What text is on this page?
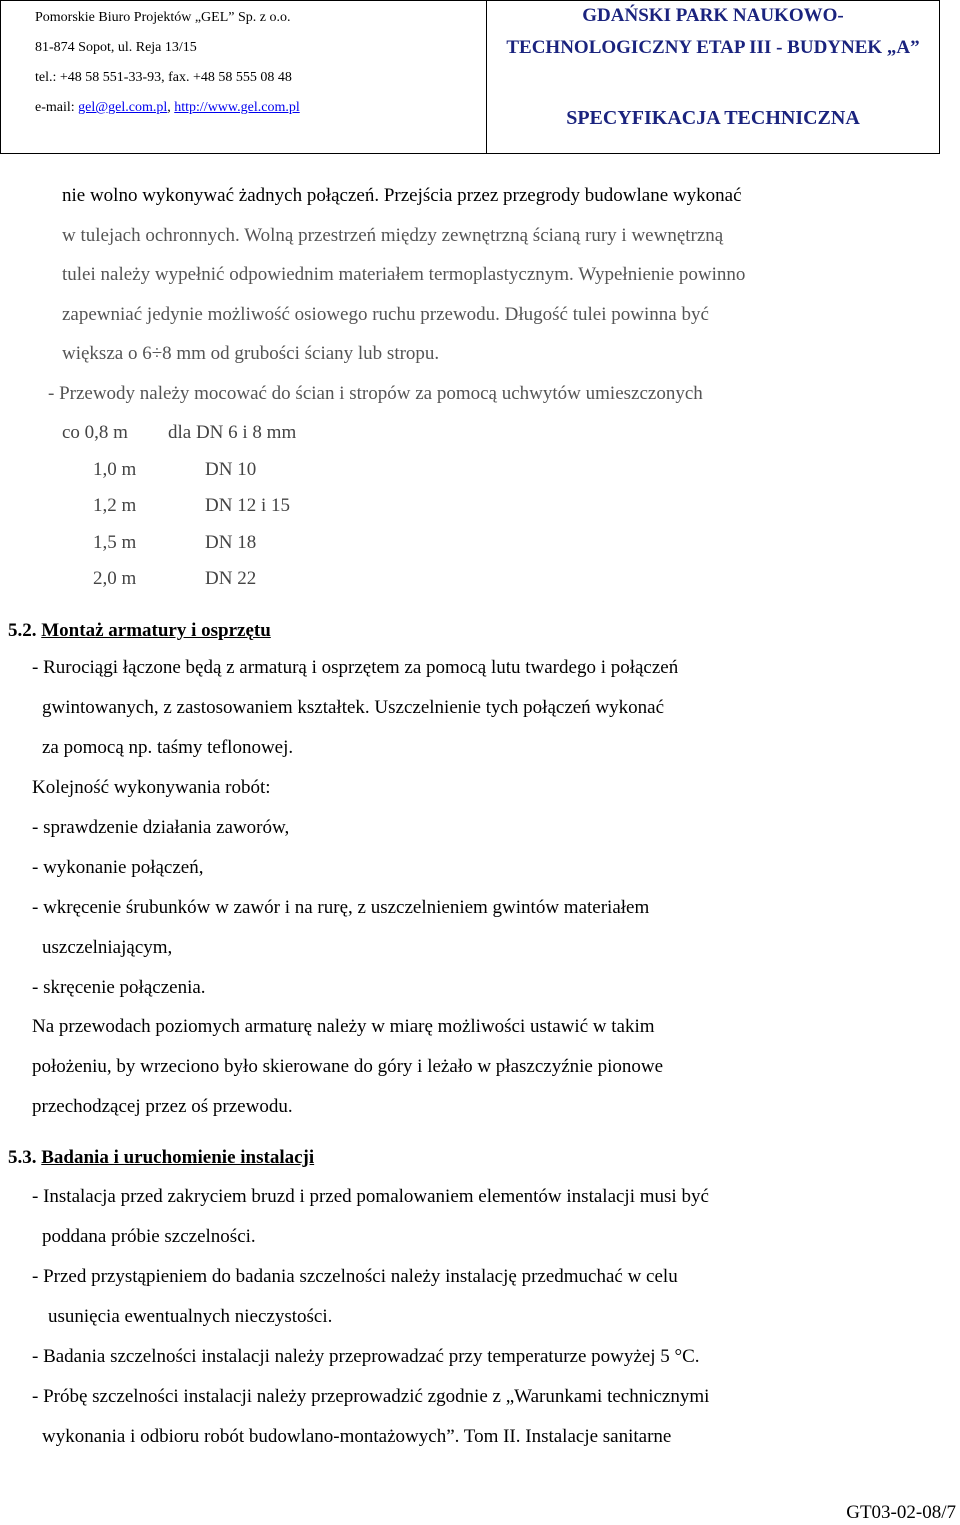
Pomorskie Biuro Projektów „GEL” Sp. z o.o.
81-874 Sopot, ul. Reja 13/15
tel.: +48 58 551-33-93, fax. +48 58 555 08 48
e-mail: gel@gel.com.pl, http://www.gel.com.pl
GDAŃSKI PARK NAUKOWO-
TECHNOLOGICZNY ETAP III - BUDYNEK „A”
SPECYFIKACJA TECHNICZNA
nie wolno wykonywać żadnych połączeń. Przejścia przez przegrody budowlane wykonać
w tulejach ochronnych. Wolną przestrzeń między zewnętrzną ścianą rury i wewnętrzną
tulei należy wypełnić odpowiednim materiałem termoplastycznym. Wypełnienie powinno
zapewniać jedynie możliwość osiowego ruchu przewodu. Długość tulei powinna być
większa o 6÷8 mm od grubości ściany lub stropu.
- Przewody należy mocować do ścian i stropów za pomocą uchwytów umieszczonych
co 0,8 m dla DN 6 i 8 mm
1,0 m	DN 10
1,2 m	DN 12 i 15
1,5 m	DN 18
2,0 m	DN 22
5.2. Montaż armatury i osprzętu
- Rurociągi łączone będą z armaturą i osprzętem za pomocą lutu twardego i połączeń
gwintowanych, z zastosowaniem kształtek. Uszczelnienie tych połączeń wykonać
za pomocą np. taśmy teflonowej.
Kolejność wykonywania robót:
- sprawdzenie działania zaworów,
- wykonanie połączeń,
- wkręcenie śrubunków w zawór i na rurę, z uszczelnieniem gwintów materiałem
uszczelniającym,
- skręcenie połączenia.
Na przewodach poziomych armaturę należy w miarę możliwości ustawić w takim
położeniu, by wrzeciono było skierowane do góry i leżało w płaszczyźnie pionowe
przechodzącej przez oś przewodu.
5.3. Badania i uruchomienie instalacji
- Instalacja przed zakryciem bruzd i przed pomalowaniem elementów instalacji musi być
poddana próbie szczelności.
- Przed przystąpieniem do badania szczelności należy instalację przedmuchać w celu
usunięcia ewentualnych nieczystości.
- Badania szczelności instalacji należy przeprowadzać przy temperaturze powyżej 5 °C.
- Próbę szczelności instalacji należy przeprowadzić zgodnie z „Warunkami technicznymi
wykonania i odbioru robót budowlano-montażowych”. Tom II. Instalacje sanitarne
GT03-02-08/7
